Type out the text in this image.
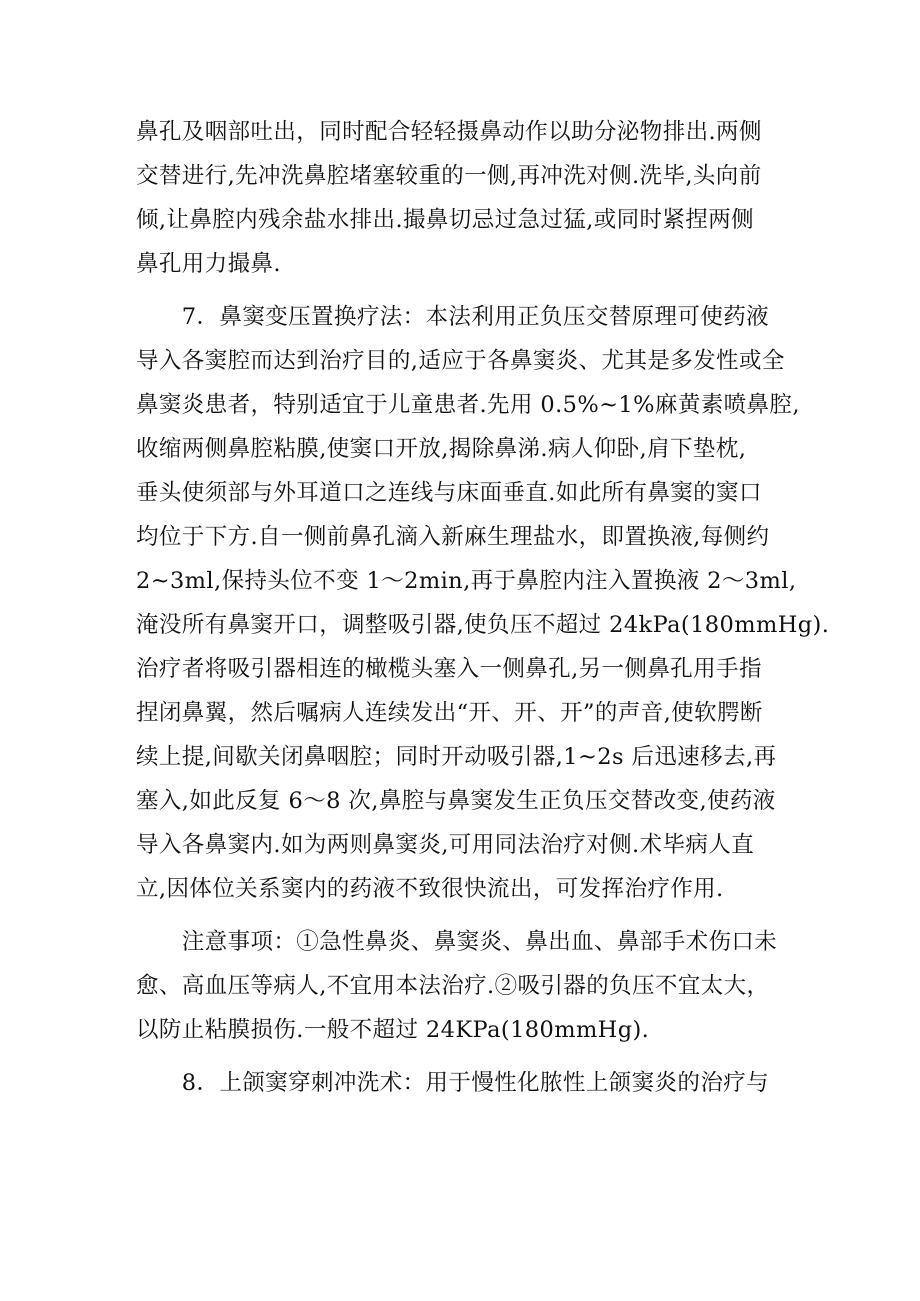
鼻孔及咽部吐出，同时配合轻轻摄鼻动作以助分泌物排出.两侧
交替进行,先冲洗鼻腔堵塞较重的一侧,再冲洗对侧.洗毕,头向前
倾,让鼻腔内残余盐水排出.撮鼻切忌过急过猛,或同时紧捏两侧
鼻孔用力撮鼻.
　　7．鼻窦变压置换疗法：本法利用正负压交替原理可使药液
导入各窦腔而达到治疗目的,适应于各鼻窦炎、尤其是多发性或全
鼻窦炎患者，特别适宜于儿童患者.先用 0.5%~1%麻黄素喷鼻腔,
收缩两侧鼻腔粘膜,使窦口开放,揭除鼻涕.病人仰卧,肩下垫枕,
垂头使须部与外耳道口之连线与床面垂直.如此所有鼻窦的窦口
均位于下方.自一侧前鼻孔滴入新麻生理盐水，即置换液,每侧约
2~3ml,保持头位不变 1～2min,再于鼻腔内注入置换液 2～3ml,
淹没所有鼻窦开口，调整吸引器,使负压不超过 24kPa(180mmHg).
治疗者将吸引器相连的橄榄头塞入一侧鼻孔,另一侧鼻孔用手指
捏闭鼻翼，然后嘱病人连续发出“开、开、开”的声音,使软腭断
续上提,间歇关闭鼻咽腔；同时开动吸引器,1~2s 后迅速移去,再
塞入,如此反复 6～8 次,鼻腔与鼻窦发生正负压交替改变,使药液
导入各鼻窦内.如为两则鼻窦炎,可用同法治疗对侧.术毕病人直
立,因体位关系窦内的药液不致很快流出，可发挥治疗作用.
　　注意事项：①急性鼻炎、鼻窦炎、鼻出血、鼻部手术伤口未
愈、高血压等病人,不宜用本法治疗.②吸引器的负压不宜太大，
以防止粘膜损伤.一般不超过 24KPa(180mmHg).
　　8．上颌窦穿刺冲洗术：用于慢性化脓性上颌窦炎的治疗与
